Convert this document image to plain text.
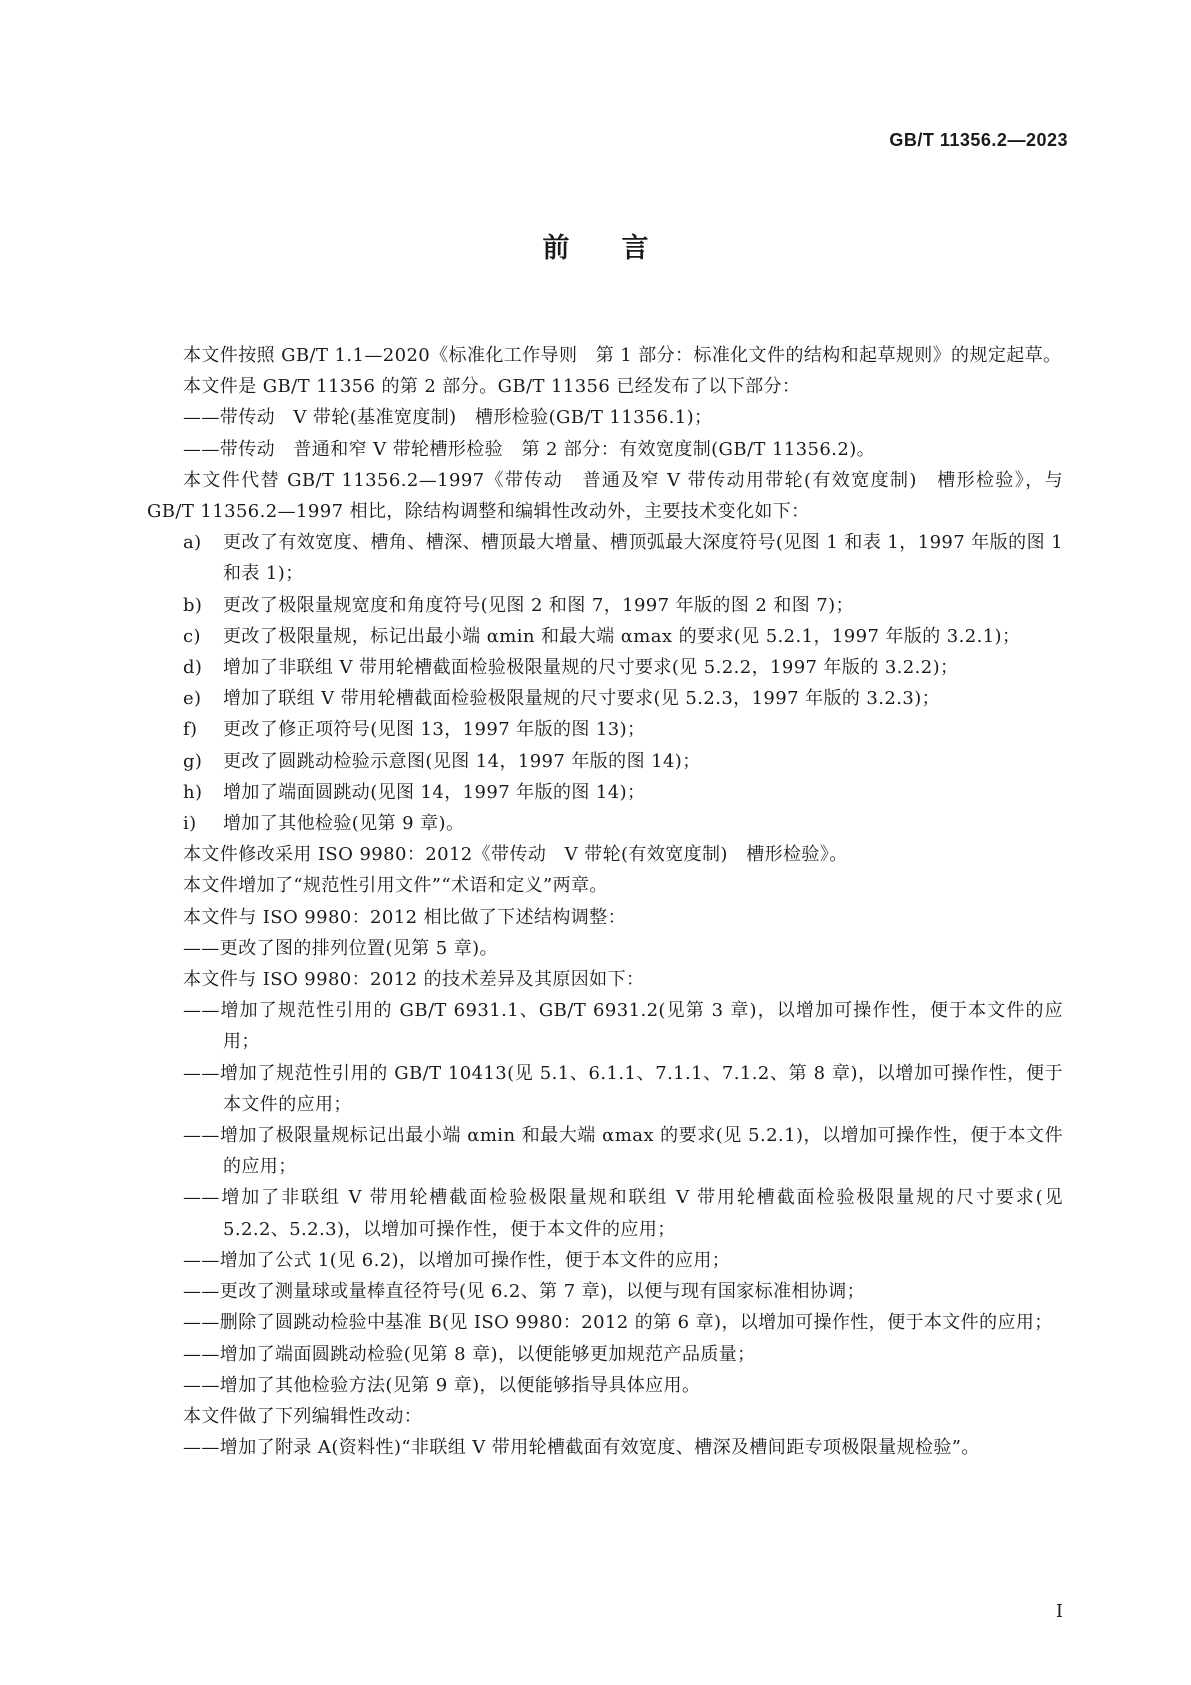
GB/T 11356.2—2023
前言

本文件按照 GB/T 1.1—2020《标准化工作导则　第 1 部分：标准化文件的结构和起草规则》的规定起草。

本文件是 GB/T 11356 的第 2 部分。GB/T 11356 已经发布了以下部分：

——带传动　V 带轮(基准宽度制)　槽形检验(GB/T 11356.1)；

——带传动　普通和窄 V 带轮槽形检验　第 2 部分：有效宽度制(GB/T 11356.2)。

本文件代替 GB/T 11356.2—1997《带传动　普通及窄 V 带传动用带轮(有效宽度制)　槽形检验》，与 GB/T 11356.2—1997 相比，除结构调整和编辑性改动外，主要技术变化如下：

a) 更改了有效宽度、槽角、槽深、槽顶最大增量、槽顶弧最大深度符号(见图 1 和表 1，1997 年版的图 1 和表 1)；

b) 更改了极限量规宽度和角度符号(见图 2 和图 7，1997 年版的图 2 和图 7)；

c) 更改了极限量规，标记出最小端 αmin 和最大端 αmax 的要求(见 5.2.1，1997 年版的 3.2.1)；

d) 增加了非联组 V 带用轮槽截面检验极限量规的尺寸要求(见 5.2.2，1997 年版的 3.2.2)；

e) 增加了联组 V 带用轮槽截面检验极限量规的尺寸要求(见 5.2.3，1997 年版的 3.2.3)；

f) 更改了修正项符号(见图 13，1997 年版的图 13)；

g) 更改了圆跳动检验示意图(见图 14，1997 年版的图 14)；

h) 增加了端面圆跳动(见图 14，1997 年版的图 14)；

i) 增加了其他检验(见第 9 章)。

本文件修改采用 ISO 9980：2012《带传动　V 带轮(有效宽度制)　槽形检验》。

本文件增加了“规范性引用文件”“术语和定义”两章。

本文件与 ISO 9980：2012 相比做了下述结构调整：

——更改了图的排列位置(见第 5 章)。

本文件与 ISO 9980：2012 的技术差异及其原因如下：

——增加了规范性引用的 GB/T 6931.1、GB/T 6931.2(见第 3 章)，以增加可操作性，便于本文件的应用；

——增加了规范性引用的 GB/T 10413(见 5.1、6.1.1、7.1.1、7.1.2、第 8 章)，以增加可操作性，便于本文件的应用；

——增加了极限量规标记出最小端 αmin 和最大端 αmax 的要求(见 5.2.1)，以增加可操作性，便于本文件的应用；

——增加了非联组 V 带用轮槽截面检验极限量规和联组 V 带用轮槽截面检验极限量规的尺寸要求(见 5.2.2、5.2.3)，以增加可操作性，便于本文件的应用；

——增加了公式 1(见 6.2)，以增加可操作性，便于本文件的应用；

——更改了测量球或量棒直径符号(见 6.2、第 7 章)，以便与现有国家标准相协调；

——删除了圆跳动检验中基准 B(见 ISO 9980：2012 的第 6 章)，以增加可操作性，便于本文件的应用；

——增加了端面圆跳动检验(见第 8 章)，以便能够更加规范产品质量；

——增加了其他检验方法(见第 9 章)，以便能够指导具体应用。

本文件做了下列编辑性改动：

——增加了附录 A(资料性)“非联组 V 带用轮槽截面有效宽度、槽深及槽间距专项极限量规检验”。

I
